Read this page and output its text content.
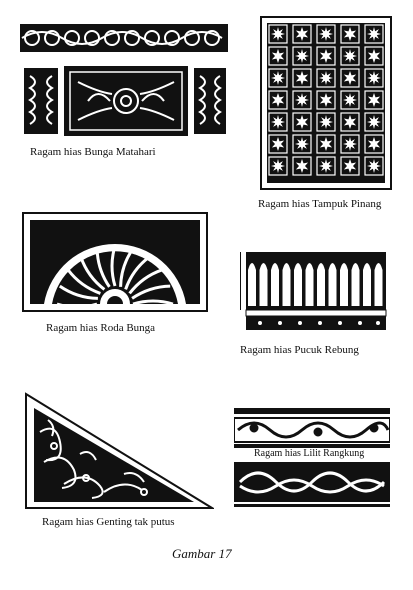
Ragam hias Bunga Matahari
Ragam hias Tampuk Pinang
Ragam hias Roda Bunga
Ragam hias Pucuk Rebung
Ragam hias Genting tak putus
Ragam hias Lilit Rangkung
Gambar 17
